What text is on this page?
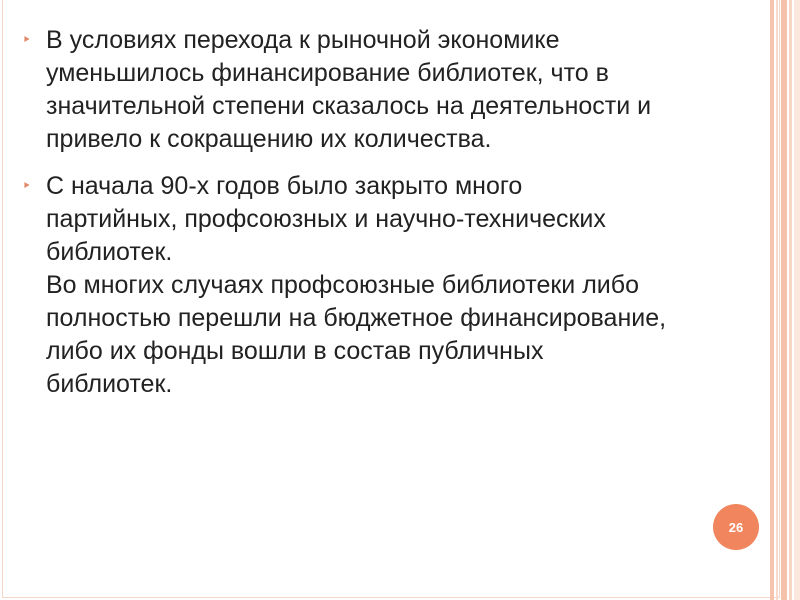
‣ В условиях перехода к рыночной экономике
уменьшилось финансирование библиотек, что в
значительной степени сказалось на деятельности и
привело к сокращению их количества.
‣ С начала 90-х годов было закрыто много
партийных, профсоюзных и научно-технических
библиотек.
Во многих случаях профсоюзные библиотеки либо
полностью перешли на бюджетное финансирование,
либо их фонды вошли в состав публичных
библиотек.
26
